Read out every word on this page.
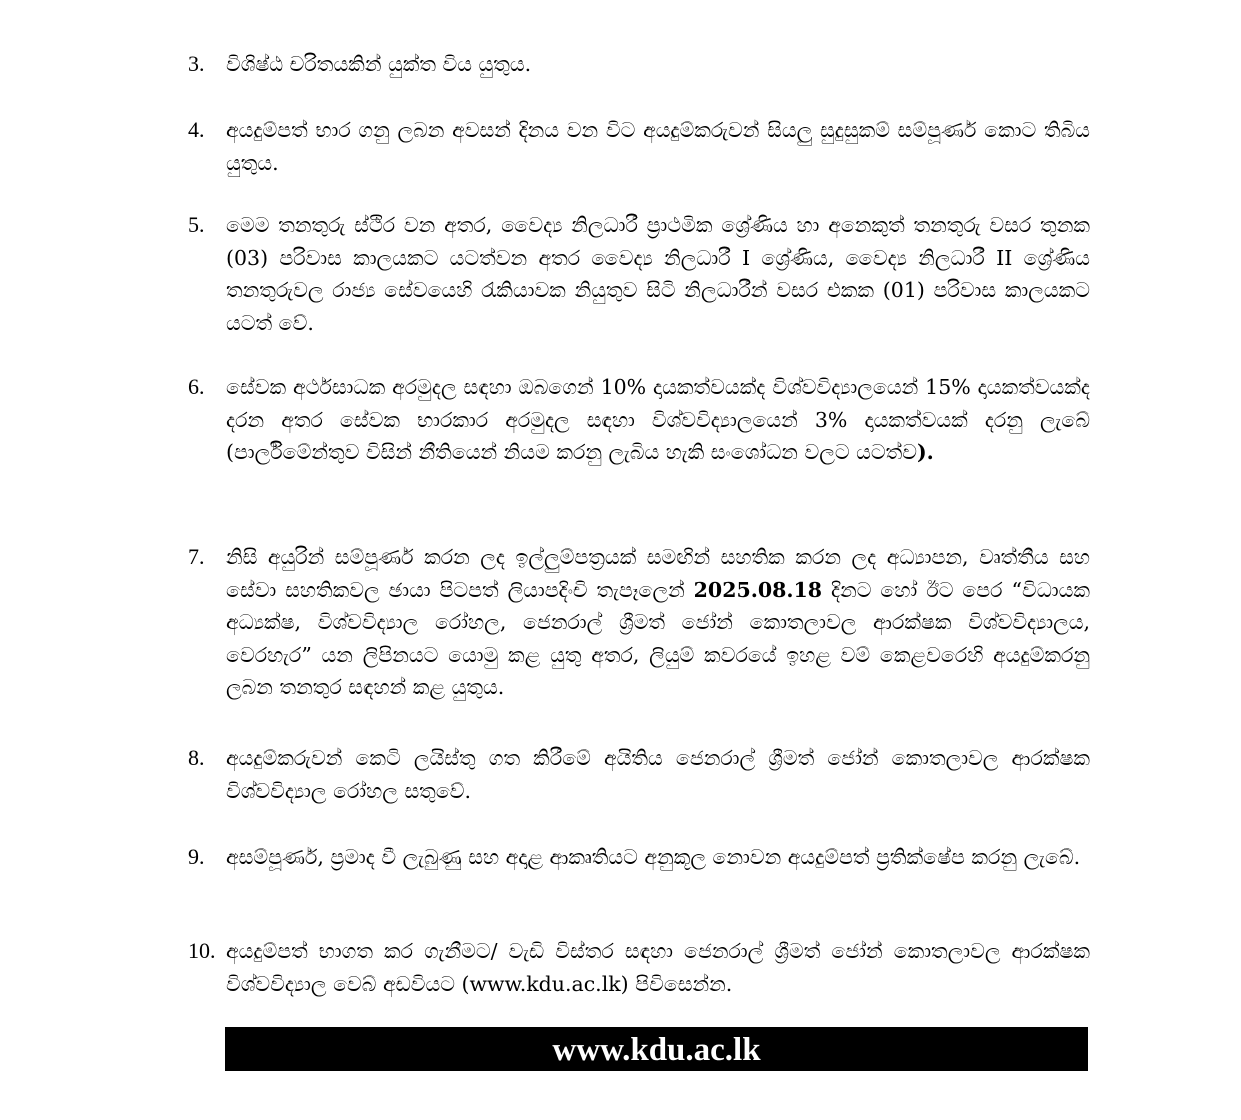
3.	විශිෂ්ඨ චරිතයකින් යුක්ත විය යුතුය.
4.	අයදුම්පත් භාර ගනු ලබන අවසන් දිනය වන විට අයදුම්කරුවන් සියලු සුදුසුකම් සම්පූර්ණ කොට තිබිය යුතුය.
5.	මෙම තනතුරු ස්ථිර වන අතර, වෛද්‍ය නිලධාරී ප්‍රාථමික ශ්‍රේණිය හා අනෙකුත් තනතුරු වසර තුනක (03) පරිවාස කාලයකට යටත්වන අතර වෛද්‍ය නිලධාරී I ශ්‍රේණිය, වෛද්‍ය නිලධාරී II ශ්‍රේණිය තනතුරුවල රාජ්‍ය සේවයෙහි රැකියාවක නියුතුව සිටි නිලධාරීන් වසර එකක (01) පරිවාස කාලයකට යටත් වේ.
6.	සේවක අර්ථසාධක අරමුදල සඳහා ඔබගෙන් 10% දායකත්වයක්ද විශ්වවිද්‍යාලයෙන් 15% දායකත්වයක්ද දරන අතර සේවක භාරකාර අරමුදල සඳහා විශ්වවිද්‍යාලයෙන් 3% දායකත්වයක් දරනු ලැබේ (පාර්ලිමේන්තුව විසින් නීතියෙන් නියම කරනු ලැබිය හැකි සංශෝධන වලට යටත්ව).
7.	නිසි අයුරින් සම්පූර්ණ කරන ලද ඉල්ලුම්පත්‍රයක් සමඟින් සහතික කරන ලද අධ්‍යාපන, වෘත්තීය සහ සේවා සහතිකවල ඡායා පිටපත් ලියාපදිංචි තැපෑලෙන් 2025.08.18 දිනට හෝ ඊට පෙර “විධායක අධ්‍යක්ෂ, විශ්වවිද්‍යාල රෝහල, ජෙනරාල් ශ්‍රීමත් ජෝන් කොතලාවල ආරක්ෂක විශ්වවිද්‍යාලය, වෙරහැර” යන ලිපිනයට යොමු කළ යුතු අතර, ලියුම් කවරයේ ඉහළ වම් කෙළවරෙහි අයදුම්කරනු ලබන තනතුර සඳහන් කළ යුතුය.
8.	අයදුම්කරුවන් කෙටි ලයිස්තු ගත කිරීමේ අයිතිය ජෙනරාල් ශ්‍රීමත් ජෝන් කොතලාවල ආරක්ෂක විශ්වවිද්‍යාල රෝහල සතුවේ.
9.	අසම්පූර්ණ, ප්‍රමාද වී ලැබුණු සහ අදාළ ආකෘතියට අනුකූල නොවන අයදුම්පත් ප්‍රතික්ෂේප කරනු ලැබේ.
10. අයදුම්පත් භාගත කර ගැනීමට/ වැඩි විස්තර සඳහා ජෙනරාල් ශ්‍රීමත් ජෝන් කොතලාවල ආරක්ෂක විශ්වවිද්‍යාල වෙබ් අඩවියට (www.kdu.ac.lk) පිවිසෙන්න.
www.kdu.ac.lk
